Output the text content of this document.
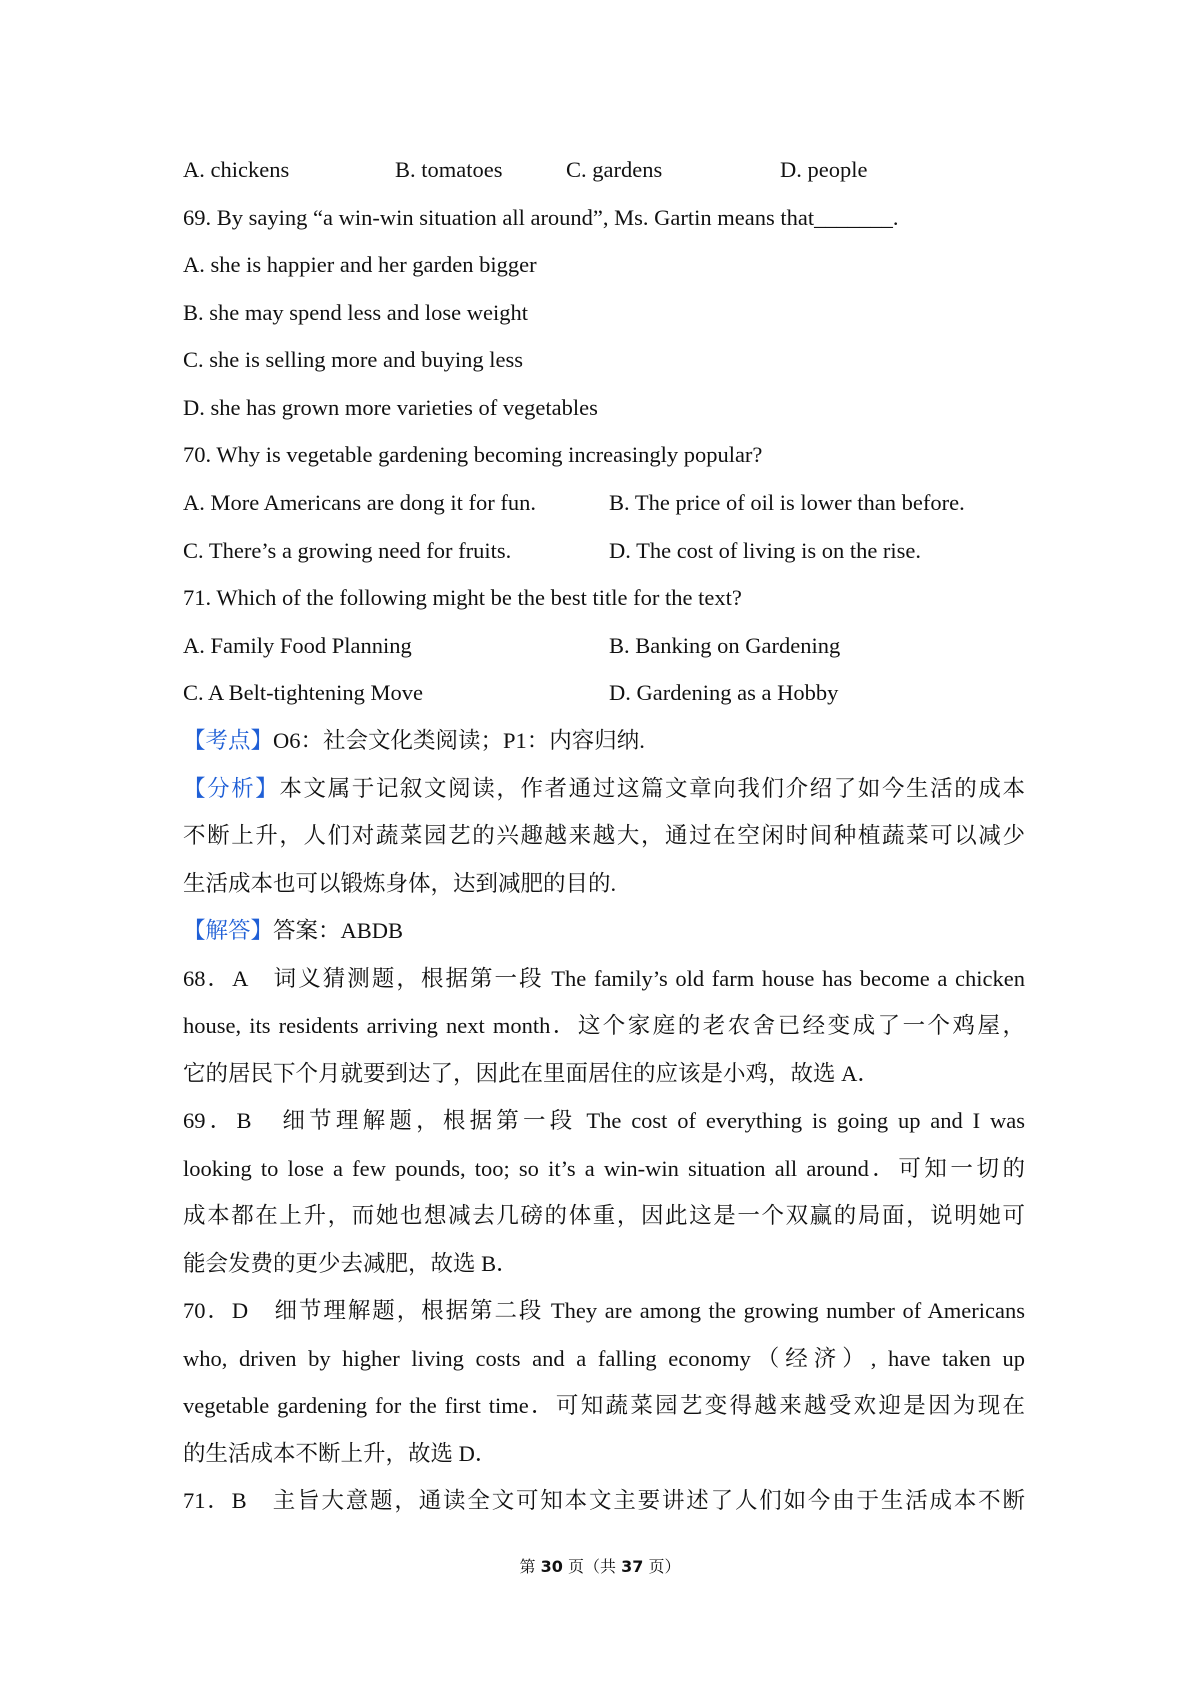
A. chickens	B. tomatoes	C. gardens	D. people
69. By saying “a win-win situation all around”, Ms. Gartin means that_______.
A. she is happier and her garden bigger
B. she may spend less and lose weight
C. she is selling more and buying less
D. she has grown more varieties of vegetables
70. Why is vegetable gardening becoming increasingly popular?
A. More Americans are dong it for fun.	B. The price of oil is lower than before.
C. There’s a growing need for fruits.	D. The cost of living is on the rise.
71. Which of the following might be the best title for the text?
A. Family Food Planning	B. Banking on Gardening
C. A Belt-tightening Move	D. Gardening as a Hobby
【考点】O6：社会文化类阅读；P1：内容归纳.
【分析】本文属于记叙文阅读，作者通过这篇文章向我们介绍了如今生活的成本
不断上升，人们对蔬菜园艺的兴趣越来越大，通过在空闲时间种植蔬菜可以减少
生活成本也可以锻炼身体，达到减肥的目的.
【解答】答案：ABDB
68．A　词义猜测题，根据第一段 The family’s old farm house has become a chicken
house, its residents arriving next month．这个家庭的老农舍已经变成了一个鸡屋，
它的居民下个月就要到达了，因此在里面居住的应该是小鸡，故选 A．
69．B　细节理解题，根据第一段 The cost of everything is going up and I was
looking to lose a few pounds, too; so it’s a win-win situation all around．可知一切的
成本都在上升，而她也想减去几磅的体重，因此这是一个双赢的局面，说明她可
能会发费的更少去减肥，故选 B．
70．D　细节理解题，根据第二段 They are among the growing number of Americans
who, driven by higher living costs and a falling economy（经济）, have taken up
vegetable gardening for the first time．可知蔬菜园艺变得越来越受欢迎是因为现在
的生活成本不断上升，故选 D．
71．B　主旨大意题，通读全文可知本文主要讲述了人们如今由于生活成本不断
第 30 页（共 37 页）
